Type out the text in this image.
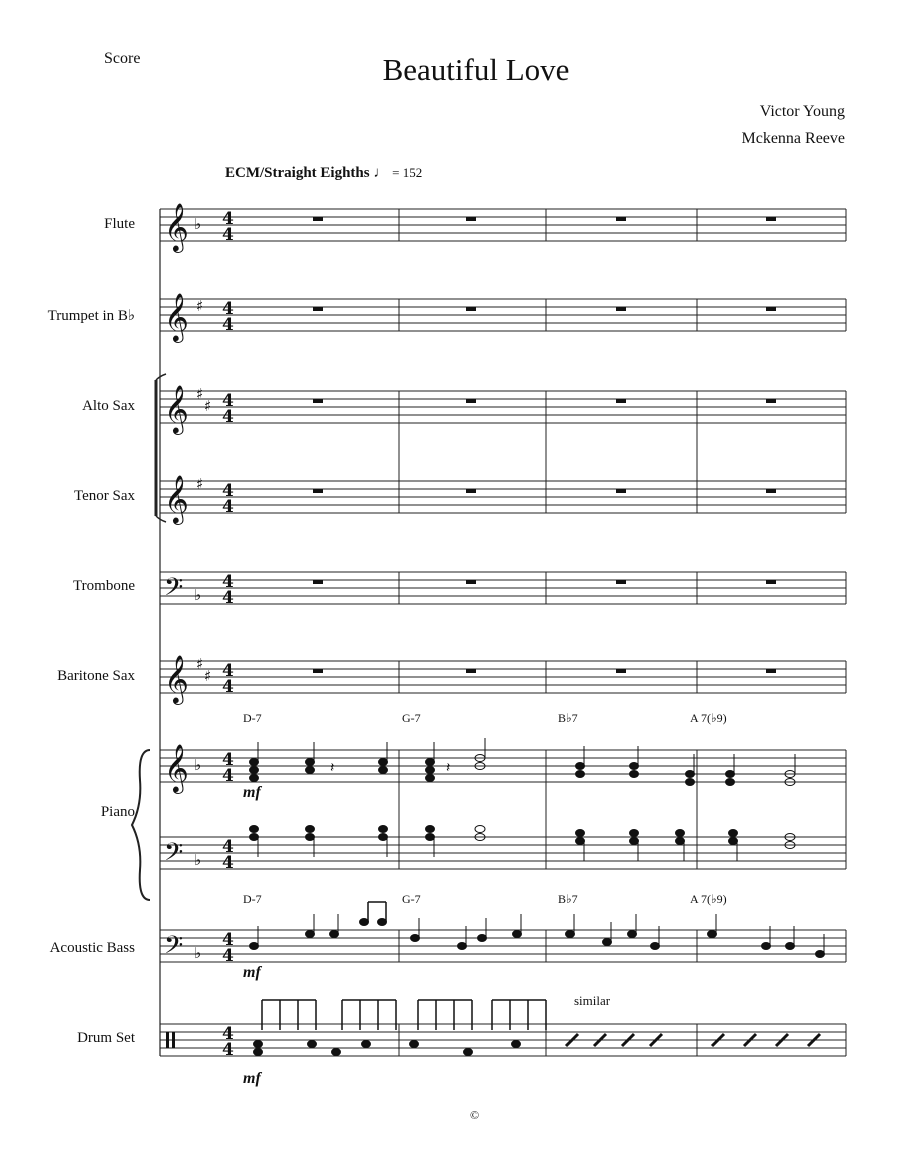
Score	Beautiful Love
Victor Young
Mckenna Reeve
ECM/Straight Eighths ♩ = 152
Flute
Trumpet in B♭
Alto Sax
Tenor Sax
Trombone
Baritone Sax
Piano
Acoustic Bass
Drum Set
D-7	G-7	B♭7	A 7(♭9)
D-7	G-7	B♭7	A 7(♭9)
mf
mf
mf
similar
©
𝄞
𝄞
𝄞
𝄞
𝄢
𝄞
𝄞
𝄢
𝄢
♭
♯
♯
♯
♯
♭
♯
♯
♭
♭
♭
4
4
4
4
4
4
4
4
4
4
4
4
4
4
4
4
4
4
4
4
𝄽	𝄽
